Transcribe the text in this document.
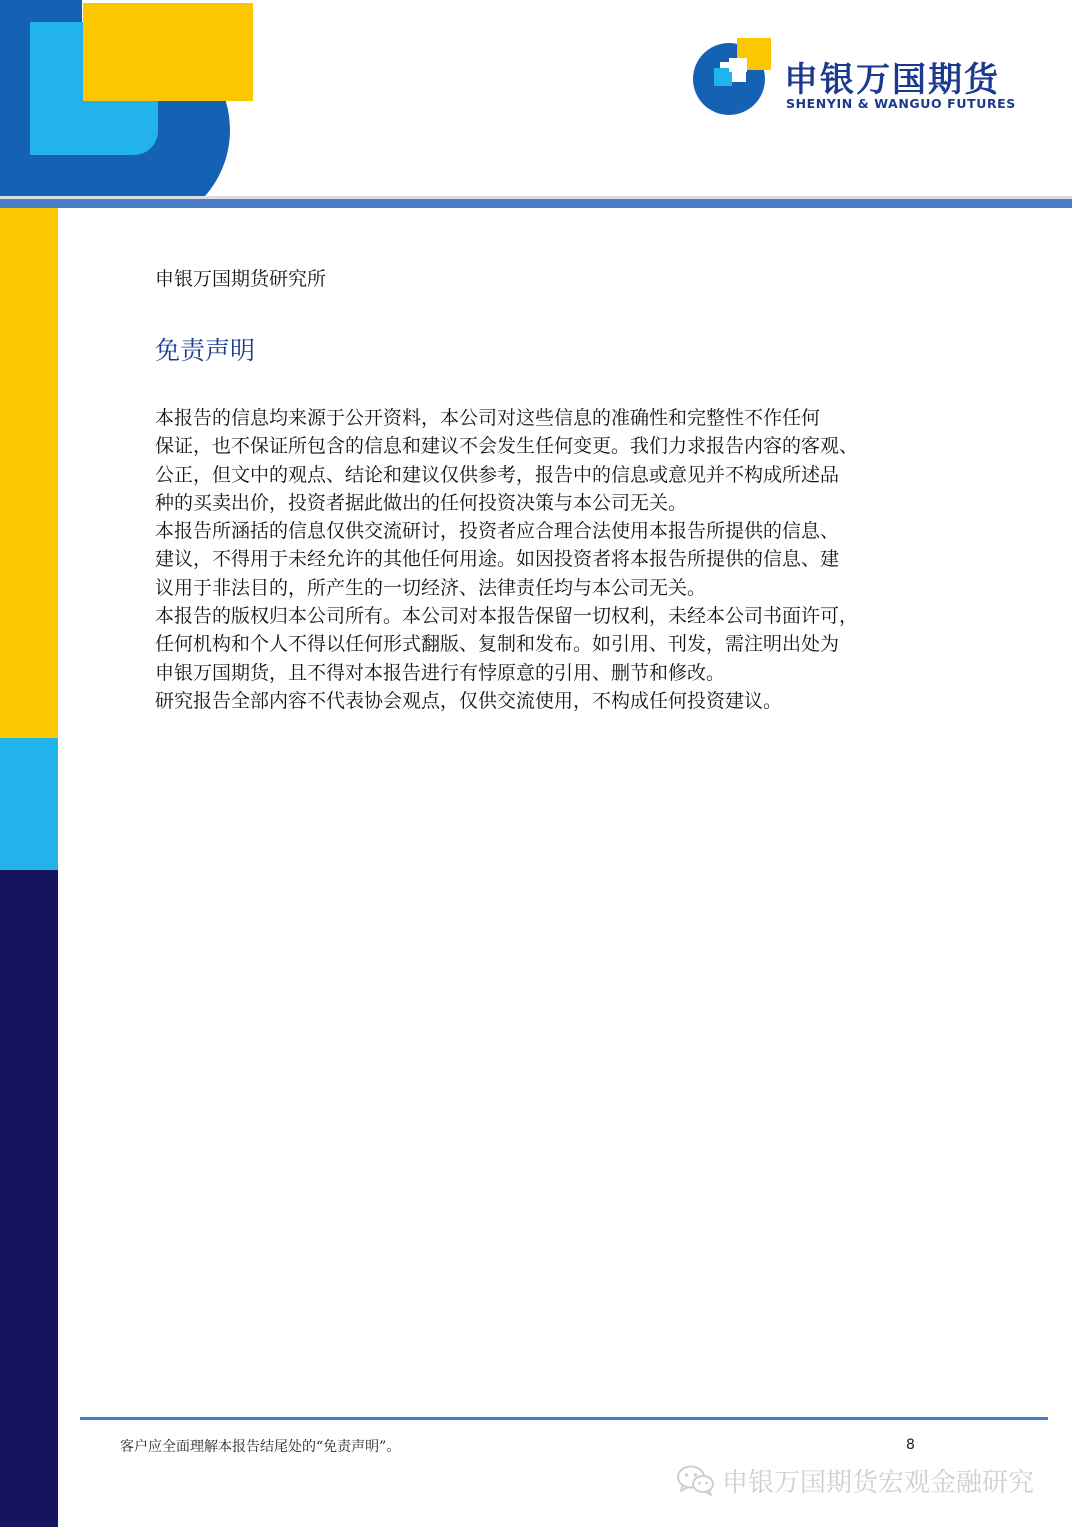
申银万国期货
SHENYIN & WANGUO FUTURES
申银万国期货研究所
免责声明

本报告的信息均来源于公开资料，本公司对这些信息的准确性和完整性不作任何

保证，也不保证所包含的信息和建议不会发生任何变更。我们力求报告内容的客观、

公正，但文中的观点、结论和建议仅供参考，报告中的信息或意见并不构成所述品

种的买卖出价，投资者据此做出的任何投资决策与本公司无关。

本报告所涵括的信息仅供交流研讨，投资者应合理合法使用本报告所提供的信息、

建议，不得用于未经允许的其他任何用途。如因投资者将本报告所提供的信息、建

议用于非法目的，所产生的一切经济、法律责任均与本公司无关。

本报告的版权归本公司所有。本公司对本报告保留一切权利，未经本公司书面许可，

任何机构和个人不得以任何形式翻版、复制和发布。如引用、刊发，需注明出处为

申银万国期货，且不得对本报告进行有悖原意的引用、删节和修改。

研究报告全部内容不代表协会观点，仅供交流使用，不构成任何投资建议。

客户应全面理解本报告结尾处的“免责声明”。	8
申银万国期货宏观金融研究
